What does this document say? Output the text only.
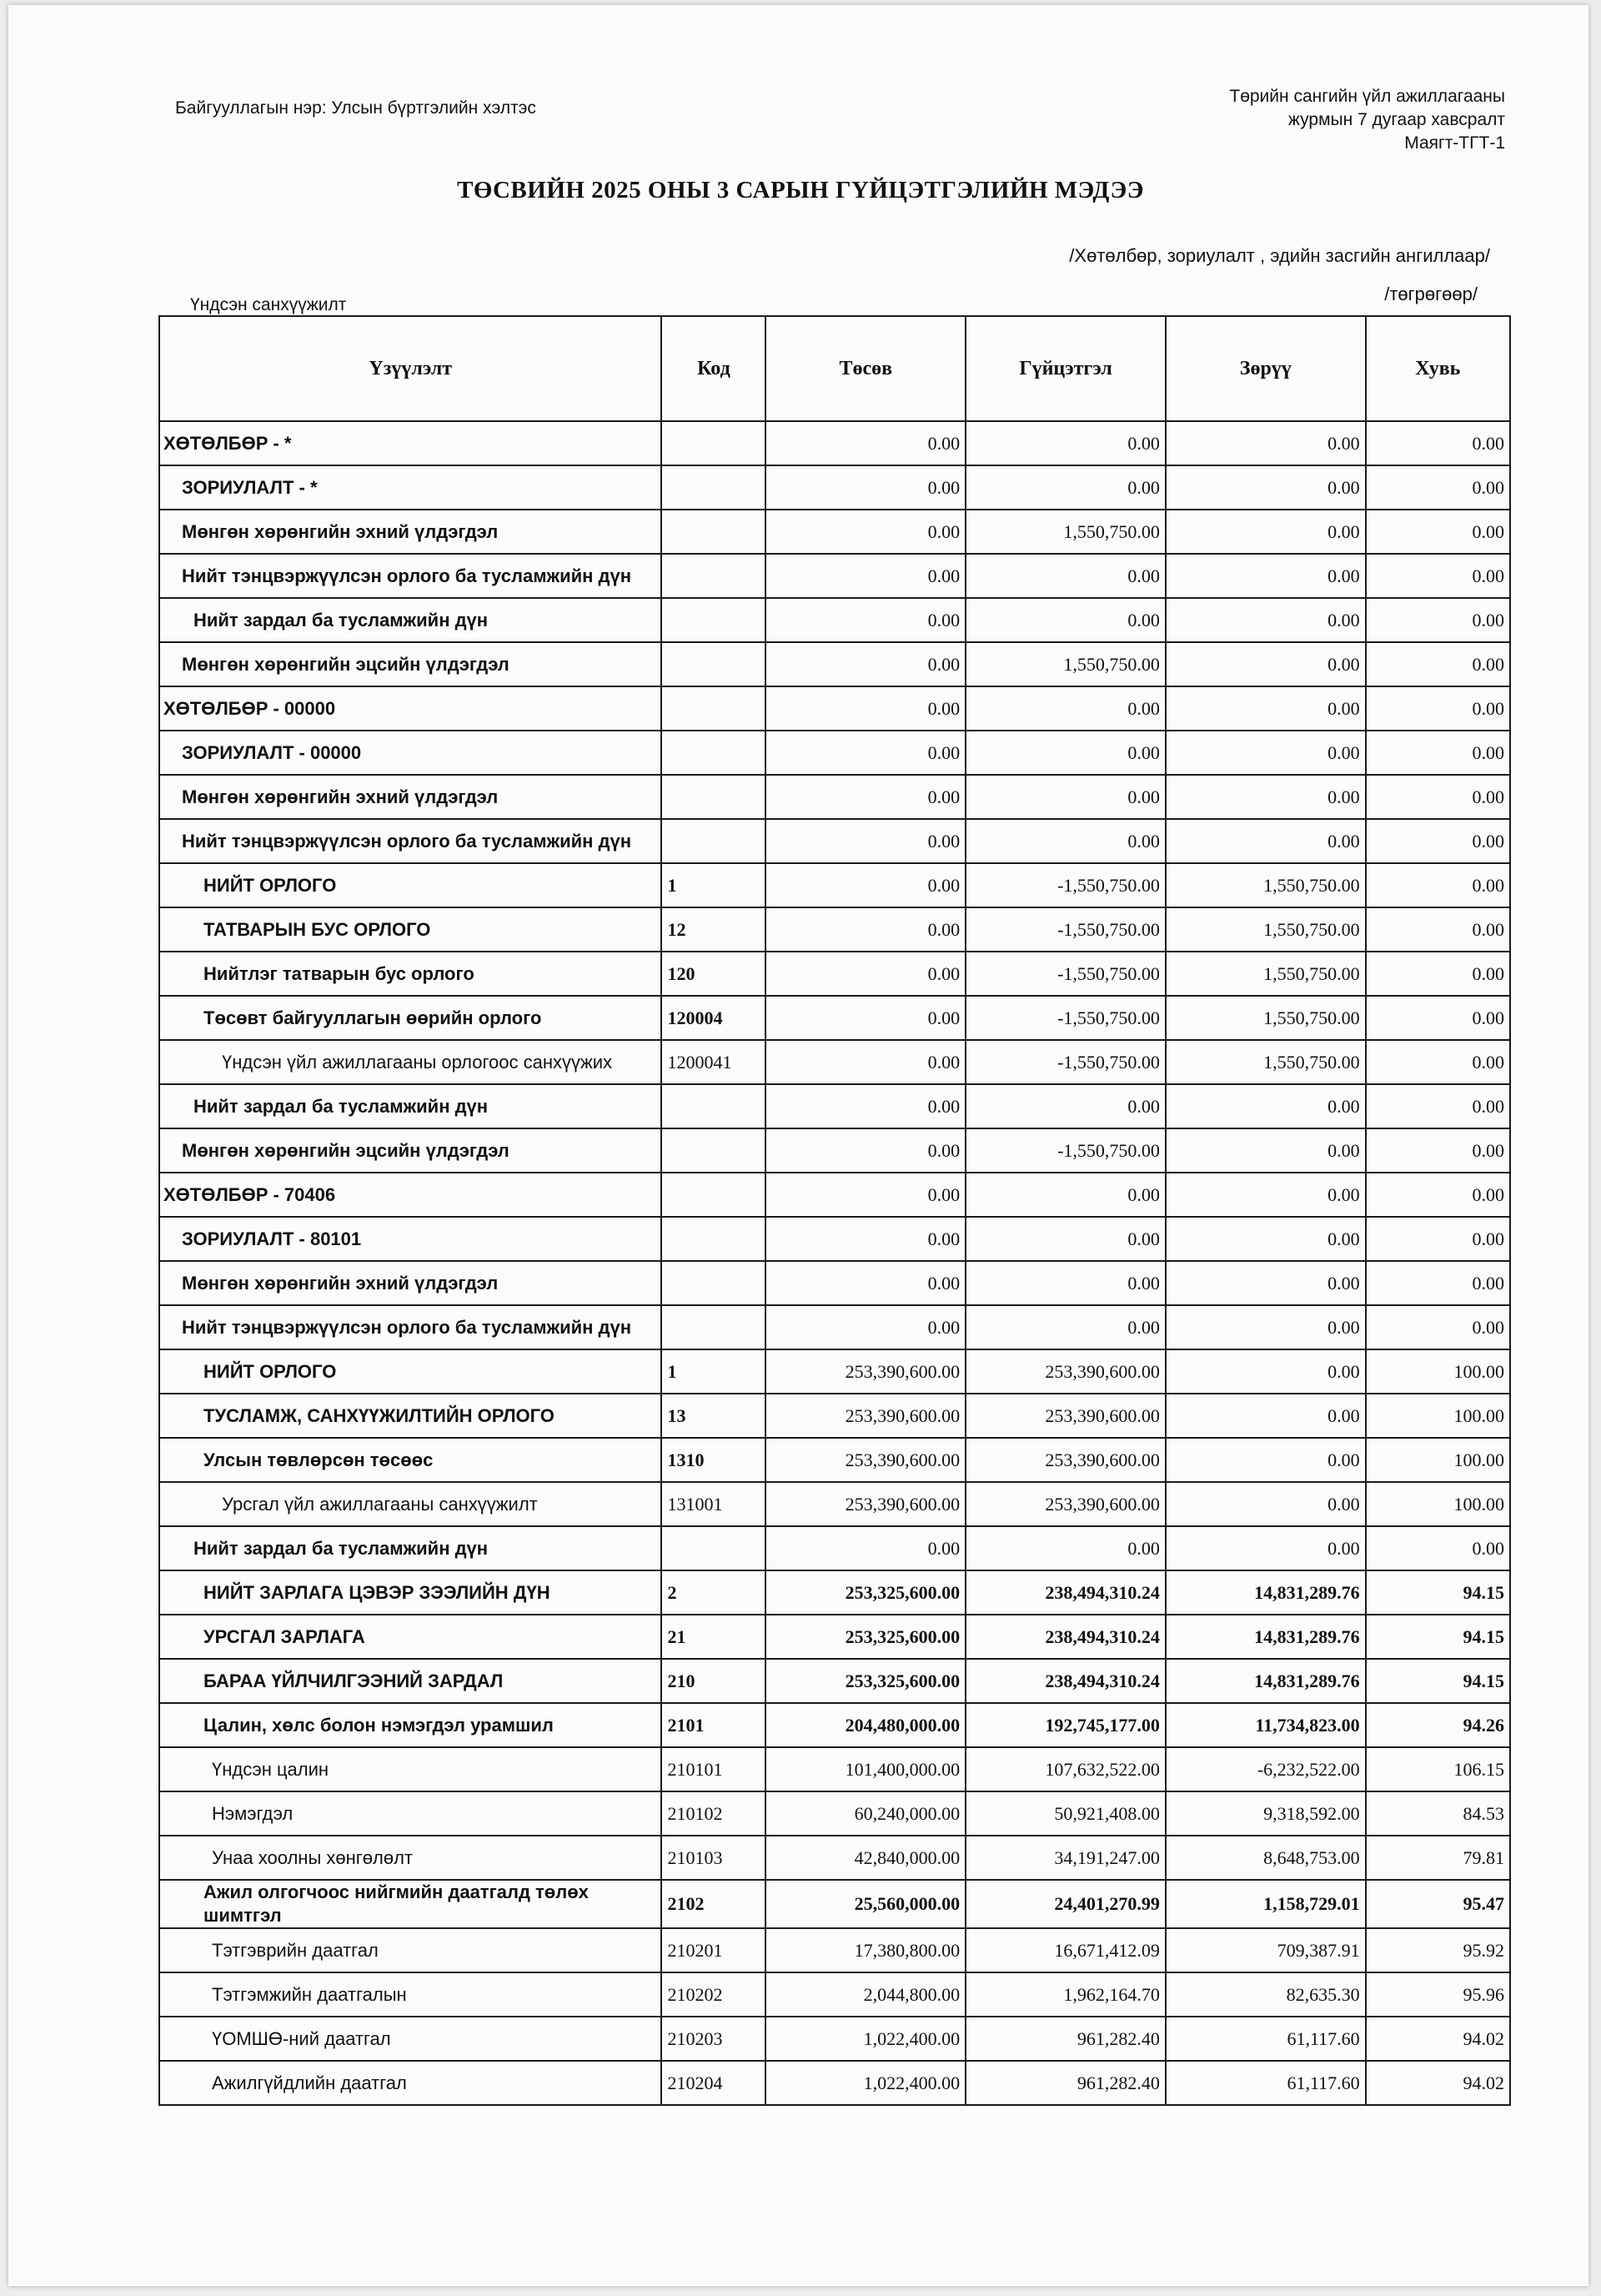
Байгууллагын нэр: Улсын бүртгэлийн хэлтэс
Төрийн сангийн үйл ажиллагааны
журмын 7 дугаар хавсралт
Маягт-ТГТ-1
/Хөтөлбөр, зориулалт , эдийн засгийн ангиллаар/
Үндсэн санхүүжилт
/төгрөгөөр/
ТӨСВИЙН 2025 ОНЫ 3 САРЫН ГҮЙЦЭТГЭЛИЙН МЭДЭЭ
Үзүүлэлт	Код	Төсөв	Гүйцэтгэл	Зөрүү	Хувь
ХӨТӨЛБӨР - *		0.00	0.00	0.00	0.00
ЗОРИУЛАЛТ - *		0.00	0.00	0.00	0.00
Мөнгөн хөрөнгийн эхний үлдэгдэл		0.00	1,550,750.00	0.00	0.00
Нийт тэнцвэржүүлсэн орлого ба тусламжийн дүн		0.00	0.00	0.00	0.00
Нийт зардал ба тусламжийн дүн		0.00	0.00	0.00	0.00
Мөнгөн хөрөнгийн эцсийн үлдэгдэл		0.00	1,550,750.00	0.00	0.00
ХӨТӨЛБӨР - 00000		0.00	0.00	0.00	0.00
ЗОРИУЛАЛТ - 00000		0.00	0.00	0.00	0.00
Мөнгөн хөрөнгийн эхний үлдэгдэл		0.00	0.00	0.00	0.00
Нийт тэнцвэржүүлсэн орлого ба тусламжийн дүн		0.00	0.00	0.00	0.00
НИЙТ ОРЛОГО	1	0.00	-1,550,750.00	1,550,750.00	0.00
ТАТВАРЫН БУС ОРЛОГО	12	0.00	-1,550,750.00	1,550,750.00	0.00
Нийтлэг татварын бус орлого	120	0.00	-1,550,750.00	1,550,750.00	0.00
Төсөвт байгууллагын өөрийн орлого	120004	0.00	-1,550,750.00	1,550,750.00	0.00
Үндсэн үйл ажиллагааны орлогоос санхүүжих	1200041	0.00	-1,550,750.00	1,550,750.00	0.00
Нийт зардал ба тусламжийн дүн		0.00	0.00	0.00	0.00
Мөнгөн хөрөнгийн эцсийн үлдэгдэл		0.00	-1,550,750.00	0.00	0.00
ХӨТӨЛБӨР - 70406		0.00	0.00	0.00	0.00
ЗОРИУЛАЛТ - 80101		0.00	0.00	0.00	0.00
Мөнгөн хөрөнгийн эхний үлдэгдэл		0.00	0.00	0.00	0.00
Нийт тэнцвэржүүлсэн орлого ба тусламжийн дүн		0.00	0.00	0.00	0.00
НИЙТ ОРЛОГО	1	253,390,600.00	253,390,600.00	0.00	100.00
ТУСЛАМЖ, САНХҮҮЖИЛТИЙН ОРЛОГО	13	253,390,600.00	253,390,600.00	0.00	100.00
Улсын төвлөрсөн төсөөс	1310	253,390,600.00	253,390,600.00	0.00	100.00
Урсгал үйл ажиллагааны санхүүжилт	131001	253,390,600.00	253,390,600.00	0.00	100.00
Нийт зардал ба тусламжийн дүн		0.00	0.00	0.00	0.00
НИЙТ ЗАРЛАГА ЦЭВЭР ЗЭЭЛИЙН ДҮН	2	253,325,600.00	238,494,310.24	14,831,289.76	94.15
УРСГАЛ ЗАРЛАГА	21	253,325,600.00	238,494,310.24	14,831,289.76	94.15
БАРАА ҮЙЛЧИЛГЭЭНИЙ ЗАРДАЛ	210	253,325,600.00	238,494,310.24	14,831,289.76	94.15
Цалин, хөлс болон нэмэгдэл урамшил	2101	204,480,000.00	192,745,177.00	11,734,823.00	94.26
Үндсэн цалин	210101	101,400,000.00	107,632,522.00	-6,232,522.00	106.15
Нэмэгдэл	210102	60,240,000.00	50,921,408.00	9,318,592.00	84.53
Унаа хоолны хөнгөлөлт	210103	42,840,000.00	34,191,247.00	8,648,753.00	79.81
Ажил олгогчоос нийгмийн даатгалд төлөх шимтгэл	2102	25,560,000.00	24,401,270.99	1,158,729.01	95.47
Тэтгэврийн даатгал	210201	17,380,800.00	16,671,412.09	709,387.91	95.92
Тэтгэмжийн даатгалын	210202	2,044,800.00	1,962,164.70	82,635.30	95.96
ҮОМШӨ-ний даатгал	210203	1,022,400.00	961,282.40	61,117.60	94.02
Ажилгүйдлийн даатгал	210204	1,022,400.00	961,282.40	61,117.60	94.02
